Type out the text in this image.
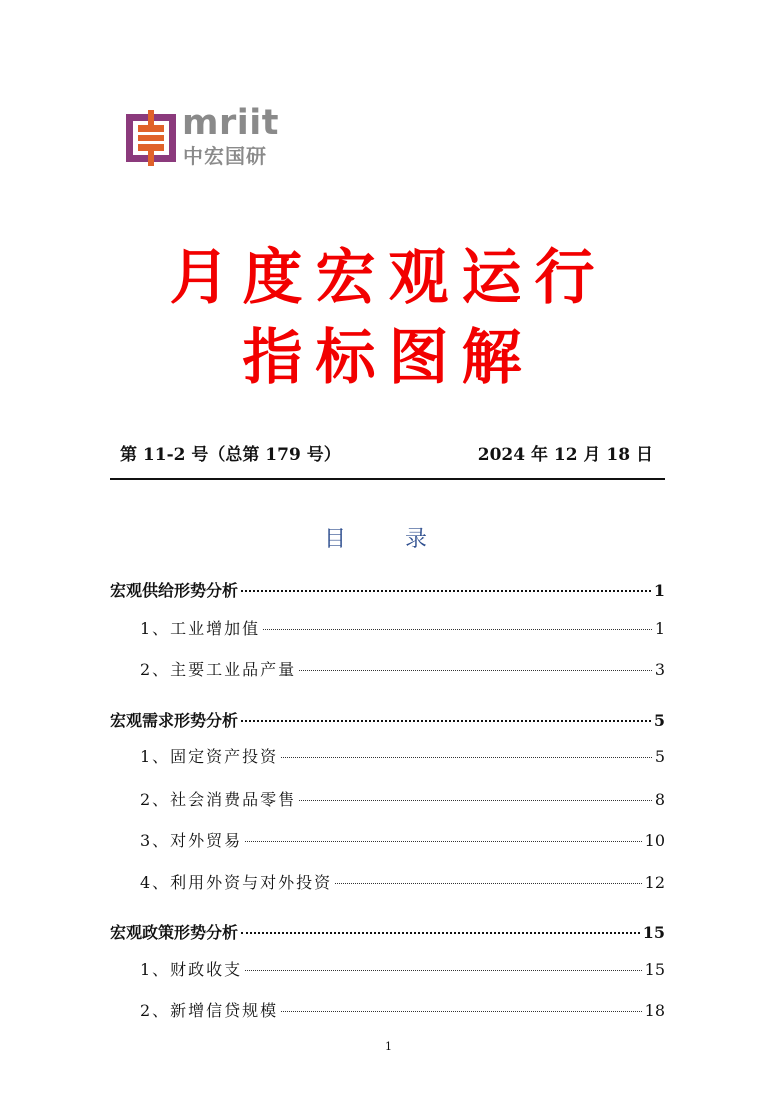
mriit
中宏国研
月度宏观运行
指标图解
第 11-2 号（总第 179 号）	2024 年 12 月 18 日
目 录
宏观供给形势分析	1
1、工业增加值	1
2、主要工业品产量	3
宏观需求形势分析	5
1、固定资产投资	5
2、社会消费品零售	8
3、对外贸易	10
4、利用外资与对外投资	12
宏观政策形势分析	15
1、财政收支	15
2、新增信贷规模	18
1
